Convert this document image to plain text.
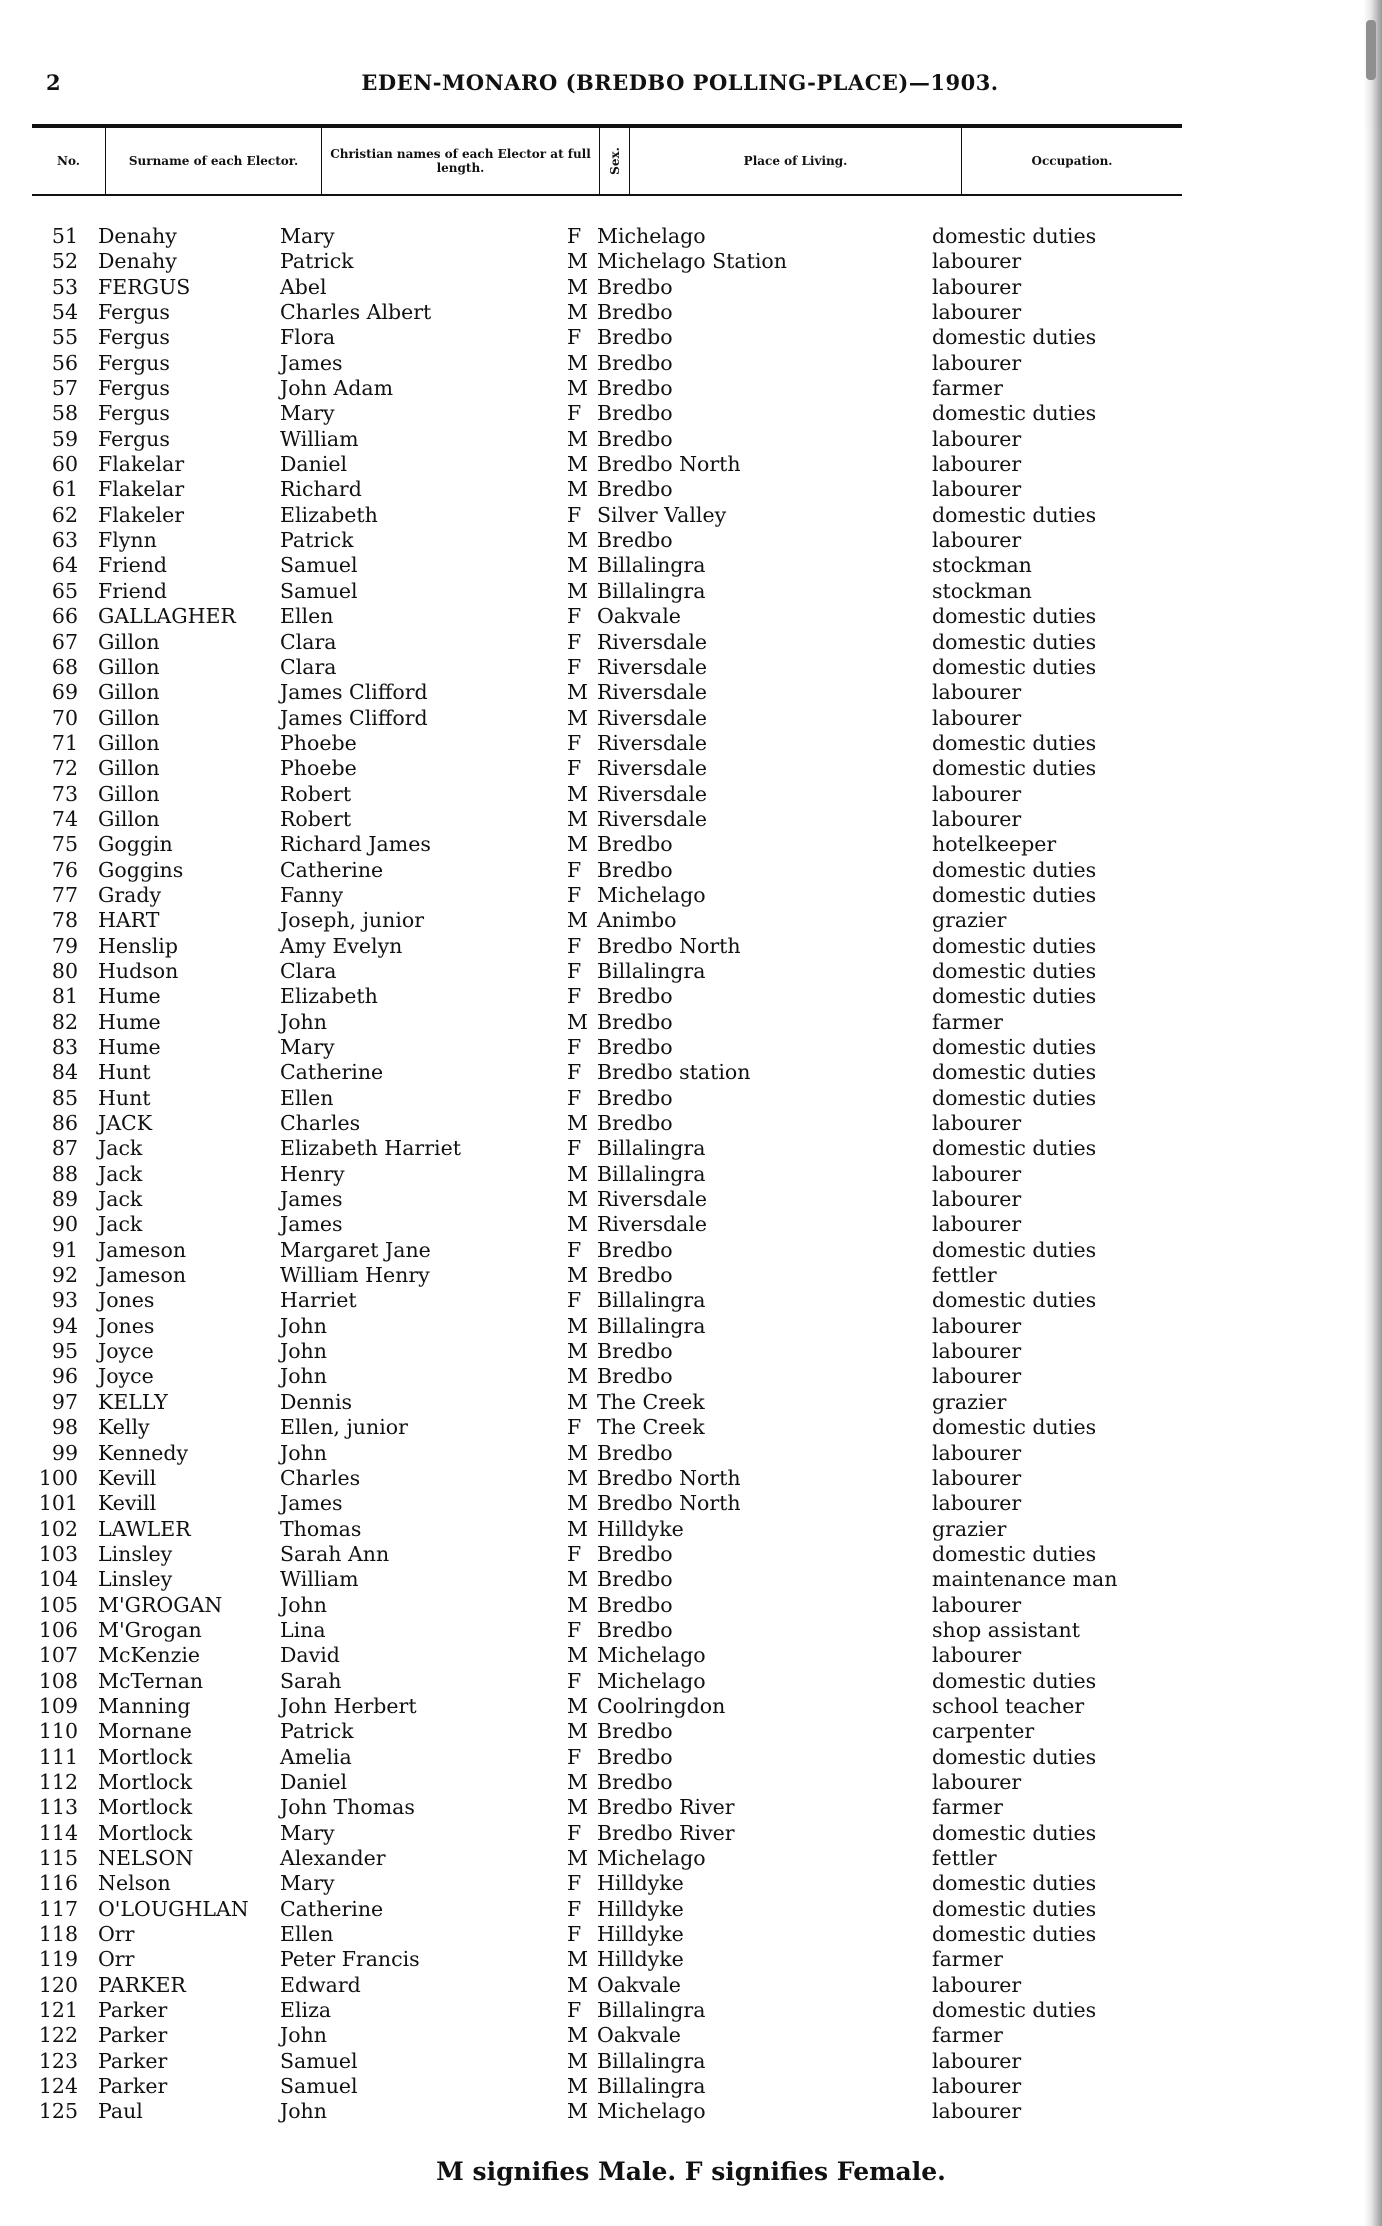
2	EDEN-MONARO (BREDBO POLLING-PLACE)—1903.
No.	Surname of each Elector.	Christian names of each Elector at full length.	Sex.	Place of Living.	Occupation.
51 Denahy	Mary	F Michelago	domestic duties
52 Denahy	Patrick	M Michelago Station	labourer
53 FERGUS	Abel	M Bredbo	labourer
54 Fergus	Charles Albert	M Bredbo	labourer
55 Fergus	Flora	F Bredbo	domestic duties
56 Fergus	James	M Bredbo	labourer
57 Fergus	John Adam	M Bredbo	farmer
58 Fergus	Mary	F Bredbo	domestic duties
59 Fergus	William	M Bredbo	labourer
60 Flakelar	Daniel	M Bredbo North	labourer
61 Flakelar	Richard	M Bredbo	labourer
62 Flakeler	Elizabeth	F Silver Valley	domestic duties
63 Flynn	Patrick	M Bredbo	labourer
64 Friend	Samuel	M Billalingra	stockman
65 Friend	Samuel	M Billalingra	stockman
66 GALLAGHER Ellen	F Oakvale	domestic duties
67 Gillon	Clara	F Riversdale	domestic duties
68 Gillon	Clara	F Riversdale	domestic duties
69 Gillon	James Clifford	M Riversdale	labourer
70 Gillon	James Clifford	M Riversdale	labourer
71 Gillon	Phoebe	F Riversdale	domestic duties
72 Gillon	Phoebe	F Riversdale	domestic duties
73 Gillon	Robert	M Riversdale	labourer
74 Gillon	Robert	M Riversdale	labourer
75 Goggin	Richard James	M Bredbo	hotelkeeper
76 Goggins	Catherine	F Bredbo	domestic duties
77 Grady	Fanny	F Michelago	domestic duties
78 HART	Joseph, junior	M Animbo	grazier
79 Henslip	Amy Evelyn	F Bredbo North	domestic duties
80 Hudson	Clara	F Billalingra	domestic duties
81 Hume	Elizabeth	F Bredbo	domestic duties
82 Hume	John	M Bredbo	farmer
83 Hume	Mary	F Bredbo	domestic duties
84 Hunt	Catherine	F Bredbo station	domestic duties
85 Hunt	Ellen	F Bredbo	domestic duties
86 JACK	Charles	M Bredbo	labourer
87 Jack	Elizabeth Harriet	F Billalingra	domestic duties
88 Jack	Henry	M Billalingra	labourer
89 Jack	James	M Riversdale	labourer
90 Jack	James	M Riversdale	labourer
91 Jameson	Margaret Jane	F Bredbo	domestic duties
92 Jameson	William Henry	M Bredbo	fettler
93 Jones	Harriet	F Billalingra	domestic duties
94 Jones	John	M Billalingra	labourer
95 Joyce	John	M Bredbo	labourer
96 Joyce	John	M Bredbo	labourer
97 KELLY	Dennis	M The Creek	grazier
98 Kelly	Ellen, junior	F The Creek	domestic duties
99 Kennedy	John	M Bredbo	labourer
100 Kevill	Charles	M Bredbo North	labourer
101 Kevill	James	M Bredbo North	labourer
102 LAWLER	Thomas	M Hilldyke	grazier
103 Linsley	Sarah Ann	F Bredbo	domestic duties
104 Linsley	William	M Bredbo	maintenance man
105 M'GROGAN	John	M Bredbo	labourer
106 M'Grogan	Lina	F Bredbo	shop assistant
107 McKenzie	David	M Michelago	labourer
108 McTernan	Sarah	F Michelago	domestic duties
109 Manning	John Herbert	M Coolringdon	school teacher
110 Mornane	Patrick	M Bredbo	carpenter
111 Mortlock	Amelia	F Bredbo	domestic duties
112 Mortlock	Daniel	M Bredbo	labourer
113 Mortlock	John Thomas	M Bredbo River	farmer
114 Mortlock	Mary	F Bredbo River	domestic duties
115 NELSON	Alexander	M Michelago	fettler
116 Nelson	Mary	F Hilldyke	domestic duties
117 O'LOUGHLAN Catherine	F Hilldyke	domestic duties
118 Orr	Ellen	F Hilldyke	domestic duties
119 Orr	Peter Francis	M Hilldyke	farmer
120 PARKER	Edward	M Oakvale	labourer
121 Parker	Eliza	F Billalingra	domestic duties
122 Parker	John	M Oakvale	farmer
123 Parker	Samuel	M Billalingra	labourer
124 Parker	Samuel	M Billalingra	labourer
125 Paul	John	M Michelago	labourer
M signifies Male. F signifies Female.
